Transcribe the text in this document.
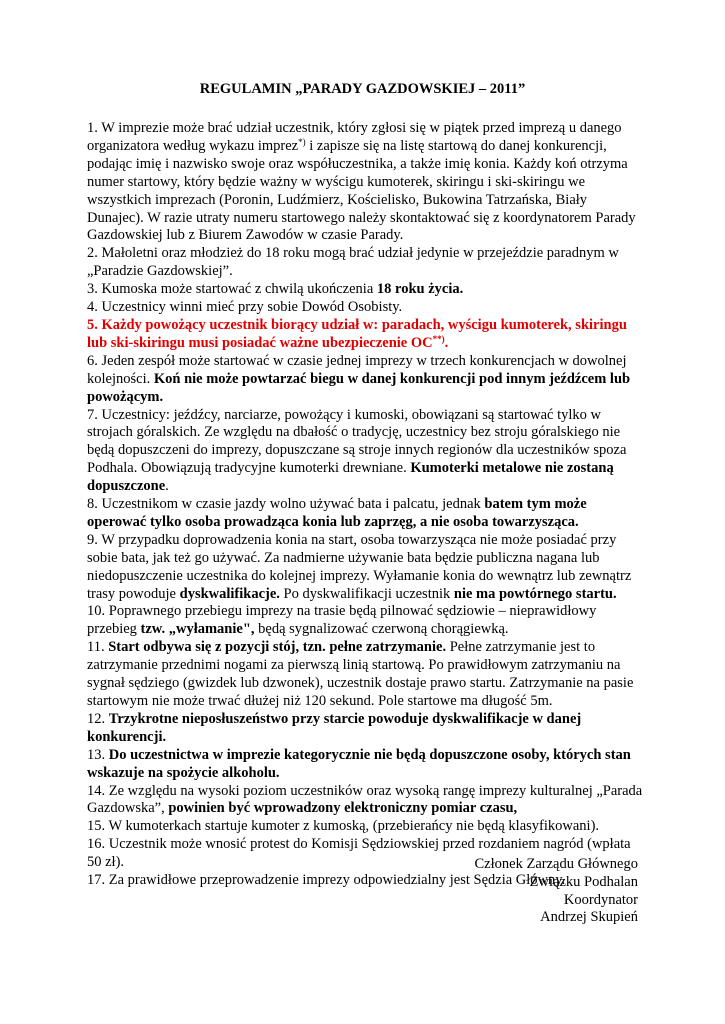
REGULAMIN „PARADY GAZDOWSKIEJ – 2011”

1. W imprezie może brać udział uczestnik, który zgłosi się w piątek przed imprezą u danego organizatora według wykazu imprez*) i zapisze się na listę startową do danej konkurencji, podając imię i nazwisko swoje oraz współuczestnika, a także imię konia. Każdy koń otrzyma numer startowy, który będzie ważny w wyścigu kumoterek, skiringu i ski-skiringu we wszystkich imprezach (Poronin, Ludźmierz, Kościelisko, Bukowina Tatrzańska, Biały Dunajec). W razie utraty numeru startowego należy skontaktować się z koordynatorem Parady Gazdowskiej lub z Biurem Zawodów w czasie Parady.

2. Małoletni oraz młodzież do 18 roku mogą brać udział jedynie w przejeździe paradnym w „Paradzie Gazdowskiej”.

3. Kumoska może startować z chwilą ukończenia 18 roku życia.

4. Uczestnicy winni mieć przy sobie Dowód Osobisty.

5. Każdy powożący uczestnik biorący udział w: paradach, wyścigu kumoterek, skiringu lub ski-skiringu musi posiadać ważne ubezpieczenie OC**).

6. Jeden zespół może startować w czasie jednej imprezy w trzech konkurencjach w dowolnej kolejności. Koń nie może powtarzać biegu w danej konkurencji pod innym jeźdźcem lub powożącym.

7. Uczestnicy: jeźdźcy, narciarze, powożący i kumoski, obowiązani są startować tylko w strojach góralskich. Ze względu na dbałość o tradycję, uczestnicy bez stroju góralskiego nie będą dopuszczeni do imprezy, dopuszczane są stroje innych regionów dla uczestników spoza Podhala. Obowiązują tradycyjne kumoterki drewniane. Kumoterki metalowe nie zostaną dopuszczone.

8. Uczestnikom w czasie jazdy wolno używać bata i palcatu, jednak batem tym może operować tylko osoba prowadząca konia lub zaprzęg, a nie osoba towarzysząca.

9. W przypadku doprowadzenia konia na start, osoba towarzysząca nie może posiadać przy sobie bata, jak też go używać. Za nadmierne używanie bata będzie publiczna nagana lub niedopuszczenie uczestnika do kolejnej imprezy. Wyłamanie konia do wewnątrz lub zewnątrz trasy powoduje dyskwalifikacje. Po dyskwalifikacji uczestnik nie ma powtórnego startu.

10. Poprawnego przebiegu imprezy na trasie będą pilnować sędziowie – nieprawidłowy przebieg tzw. „wyłamanie", będą sygnalizować czerwoną chorągiewką.

11. Start odbywa się z pozycji stój, tzn. pełne zatrzymanie. Pełne zatrzymanie jest to zatrzymanie przednimi nogami za pierwszą linią startową. Po prawidłowym zatrzymaniu na sygnał sędziego (gwizdek lub dzwonek), uczestnik dostaje prawo startu. Zatrzymanie na pasie startowym nie może trwać dłużej niż 120 sekund. Pole startowe ma długość 5m.

12. Trzykrotne nieposłuszeństwo przy starcie powoduje dyskwalifikacje w danej konkurencji.

13. Do uczestnictwa w imprezie kategorycznie nie będą dopuszczone osoby, których stan wskazuje na spożycie alkoholu.

14. Ze względu na wysoki poziom uczestników oraz wysoką rangę imprezy kulturalnej „Parada Gazdowska”, powinien być wprowadzony elektroniczny pomiar czasu,

15. W kumoterkach startuje kumoter z kumoską, (przebierańcy nie będą klasyfikowani).

16. Uczestnik może wnosić protest do Komisji Sędziowskiej przed rozdaniem nagród (wpłata 50 zł).

17. Za prawidłowe przeprowadzenie imprezy odpowiedzialny jest Sędzia Główny.

Członek Zarządu Głównego
Związku Podhalan
Koordynator
Andrzej Skupień
